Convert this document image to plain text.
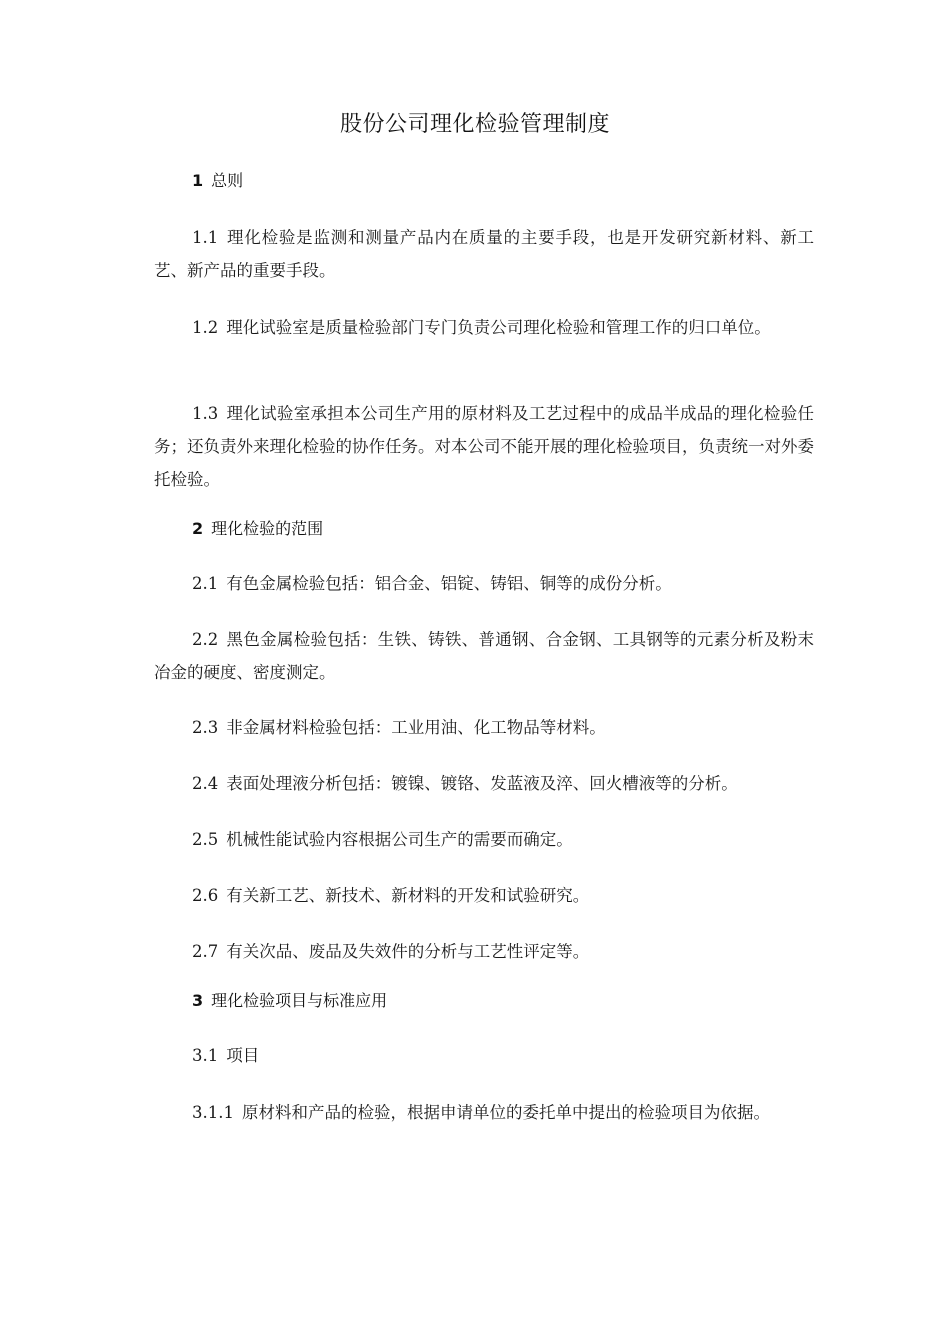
股份公司理化检验管理制度
1 总则
1.1 理化检验是监测和测量产品内在质量的主要手段，也是开发研究新材料、新工艺、新产品的重要手段。
1.2 理化试验室是质量检验部门专门负责公司理化检验和管理工作的归口单位。
1.3 理化试验室承担本公司生产用的原材料及工艺过程中的成品半成品的理化检验任务；还负责外来理化检验的协作任务。对本公司不能开展的理化检验项目，负责统一对外委托检验。
2 理化检验的范围
2.1 有色金属检验包括：铝合金、铝锭、铸铝、铜等的成份分析。
2.2 黑色金属检验包括：生铁、铸铁、普通钢、合金钢、工具钢等的元素分析及粉末冶金的硬度、密度测定。
2.3 非金属材料检验包括：工业用油、化工物品等材料。
2.4 表面处理液分析包括：镀镍、镀铬、发蓝液及淬、回火槽液等的分析。
2.5 机械性能试验内容根据公司生产的需要而确定。
2.6 有关新工艺、新技术、新材料的开发和试验研究。
2.7 有关次品、废品及失效件的分析与工艺性评定等。
3 理化检验项目与标准应用
3.1 项目
3.1.1 原材料和产品的检验，根据申请单位的委托单中提出的检验项目为依据。
